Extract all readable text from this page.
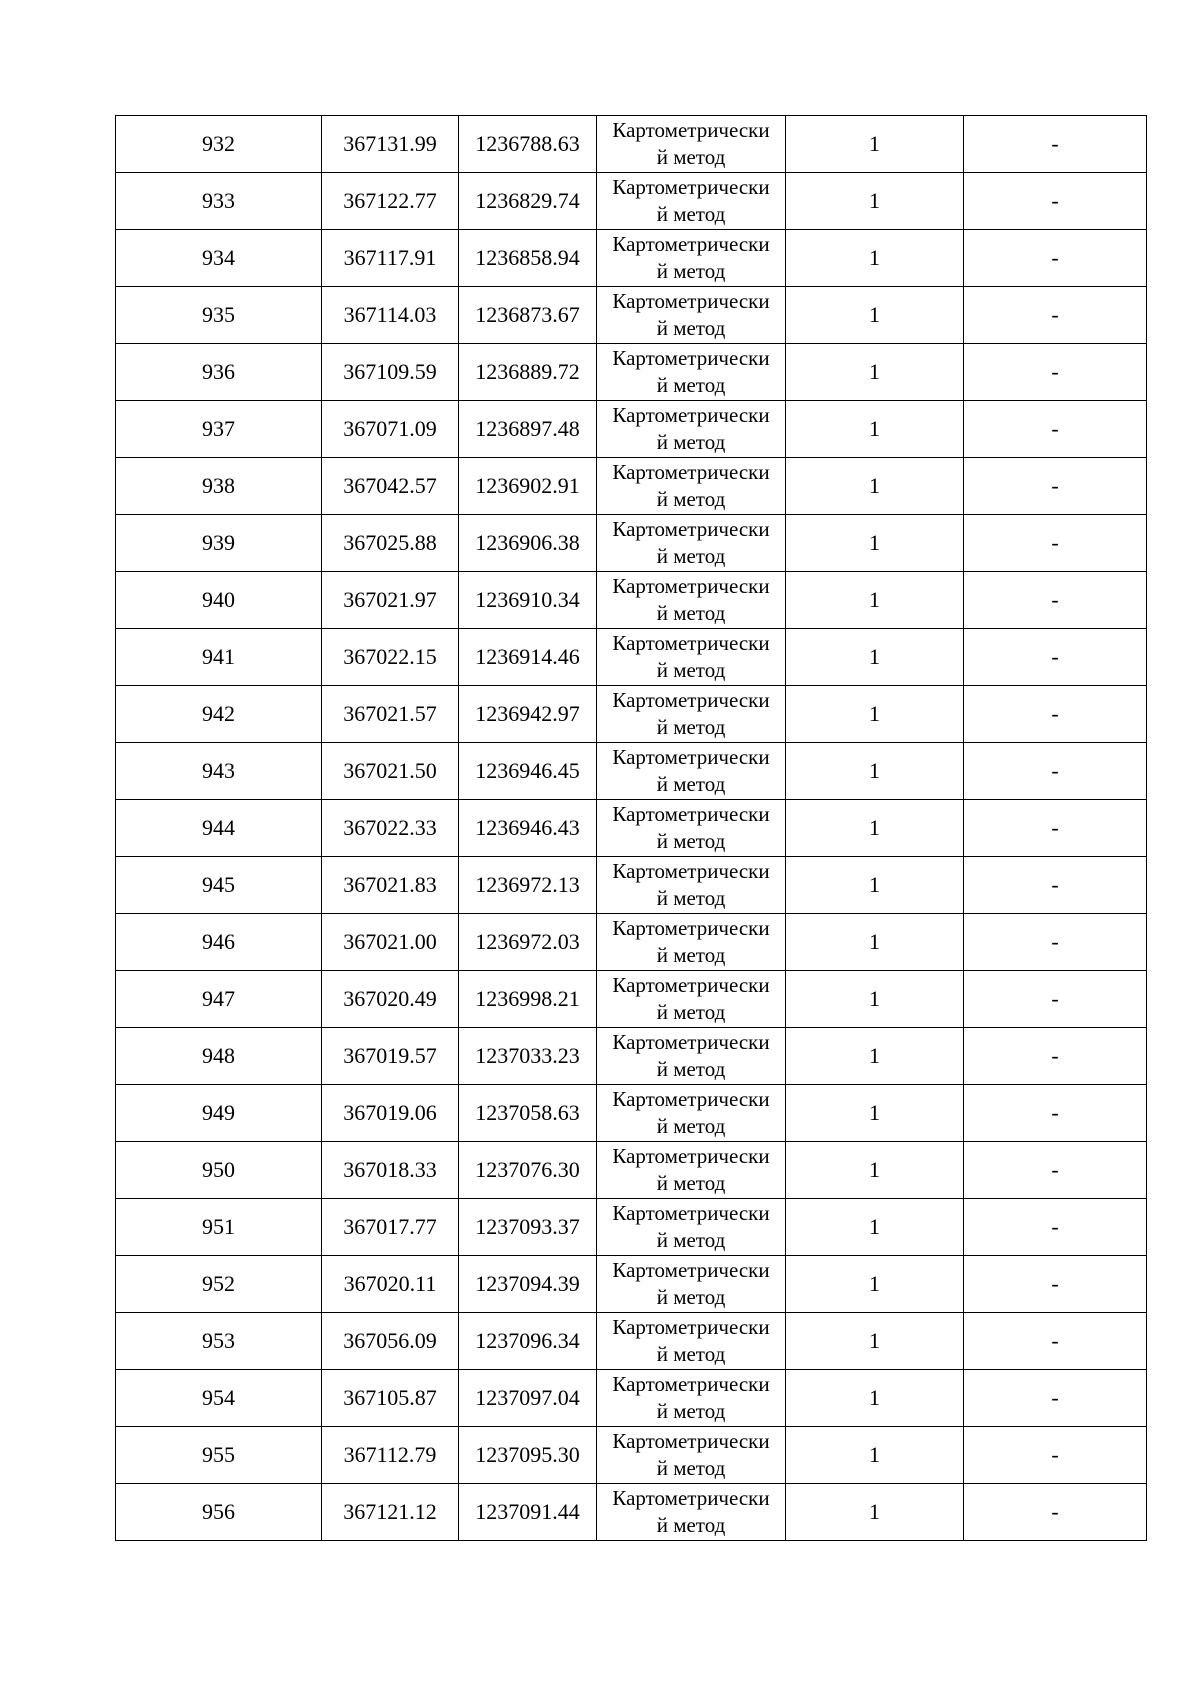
932	367131.99	1236788.63	Картометрически
й метод	1	-
933	367122.77	1236829.74	Картометрически
й метод	1	-
934	367117.91	1236858.94	Картометрически
й метод	1	-
935	367114.03	1236873.67	Картометрически
й метод	1	-
936	367109.59	1236889.72	Картометрически
й метод	1	-
937	367071.09	1236897.48	Картометрически
й метод	1	-
938	367042.57	1236902.91	Картометрически
й метод	1	-
939	367025.88	1236906.38	Картометрически
й метод	1	-
940	367021.97	1236910.34	Картометрически
й метод	1	-
941	367022.15	1236914.46	Картометрически
й метод	1	-
942	367021.57	1236942.97	Картометрически
й метод	1	-
943	367021.50	1236946.45	Картометрически
й метод	1	-
944	367022.33	1236946.43	Картометрически
й метод	1	-
945	367021.83	1236972.13	Картометрически
й метод	1	-
946	367021.00	1236972.03	Картометрически
й метод	1	-
947	367020.49	1236998.21	Картометрически
й метод	1	-
948	367019.57	1237033.23	Картометрически
й метод	1	-
949	367019.06	1237058.63	Картометрически
й метод	1	-
950	367018.33	1237076.30	Картометрически
й метод	1	-
951	367017.77	1237093.37	Картометрически
й метод	1	-
952	367020.11	1237094.39	Картометрически
й метод	1	-
953	367056.09	1237096.34	Картометрически
й метод	1	-
954	367105.87	1237097.04	Картометрически
й метод	1	-
955	367112.79	1237095.30	Картометрически
й метод	1	-
956	367121.12	1237091.44	Картометрически
й метод	1	-
